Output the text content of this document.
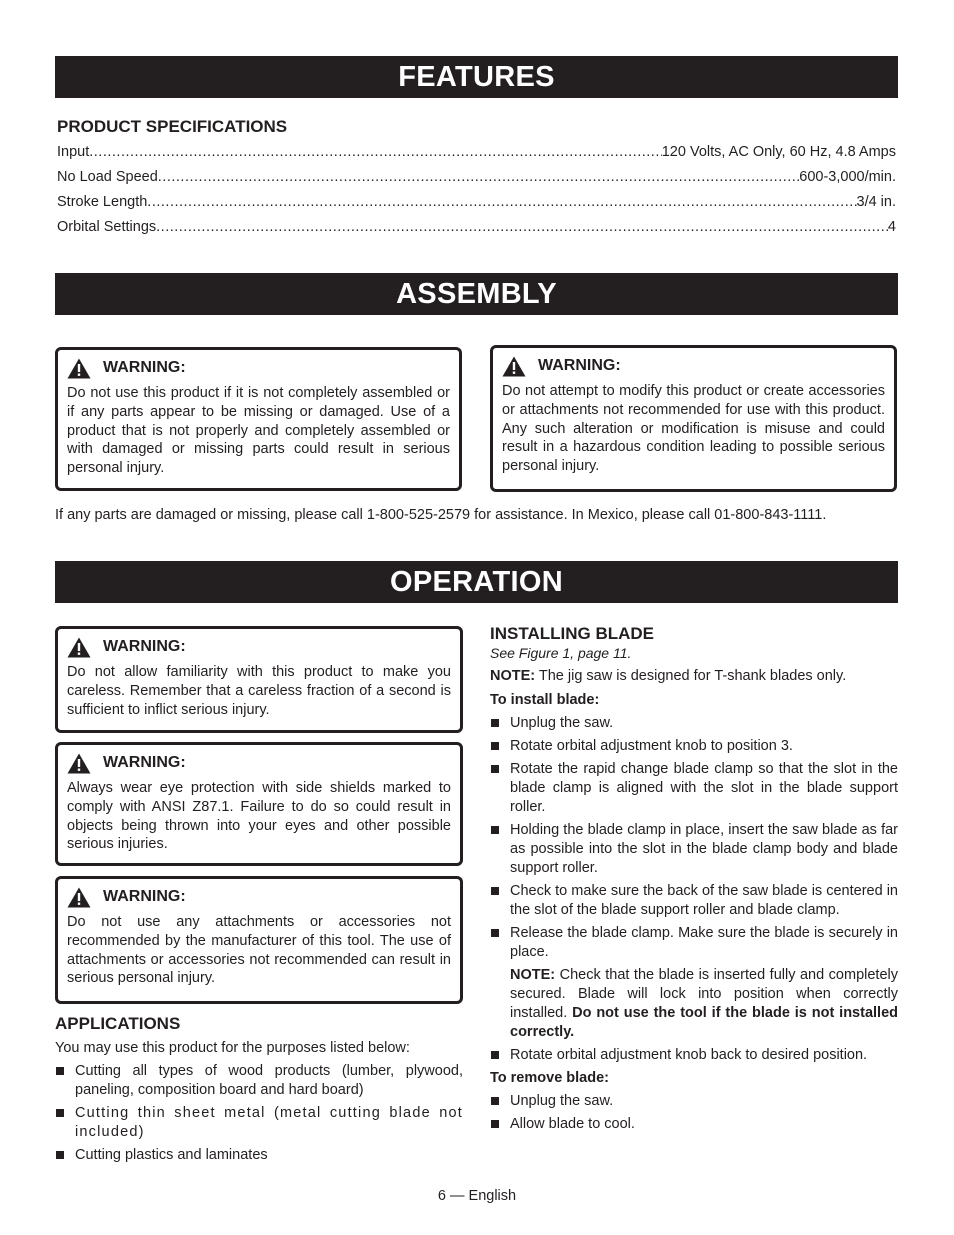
FEATURES
PRODUCT SPECIFICATIONS
Input .....	120 Volts, AC Only, 60 Hz, 4.8 Amps
No Load Speed .....	600-3,000/min.
Stroke Length .....	3/4 in.
Orbital Settings .....	4
ASSEMBLY
WARNING:
Do not use this product if it is not completely assembled or if any parts appear to be missing or damaged. Use of a product that is not properly and completely assembled or with damaged or missing parts could result in serious personal injury.
WARNING:
Do not attempt to modify this product or create accessories or attachments not recommended for use with this product. Any such alteration or modification is misuse and could result in a hazardous condition leading to possible serious personal injury.
If any parts are damaged or missing, please call 1-800-525-2579 for assistance. In Mexico, please call 01-800-843-1111.
OPERATION
WARNING:
Do not allow familiarity with this product to make you careless. Remember that a careless fraction of a second is sufficient to inflict serious injury.
WARNING:
Always wear eye protection with side shields marked to comply with ANSI Z87.1. Failure to do so could result in objects being thrown into your eyes and other possible serious injuries.
WARNING:
Do not use any attachments or accessories not recommended by the manufacturer of this tool. The use of attachments or accessories not recommended can result in serious personal injury.
APPLICATIONS
You may use this product for the purposes listed below:
Cutting all types of wood products (lumber, plywood, paneling, composition board and hard board)
Cutting thin sheet metal (metal cutting blade not included)
Cutting plastics and laminates
INSTALLING BLADE
See Figure 1, page 11.
NOTE: The jig saw is designed for T-shank blades only.
To install blade:
Unplug the saw.
Rotate orbital adjustment knob to position 3.
Rotate the rapid change blade clamp so that the slot in the blade clamp is aligned with the slot in the blade support roller.
Holding the blade clamp in place, insert the saw blade as far as possible into the slot in the blade clamp body and blade support roller.
Check to make sure the back of the saw blade is centered in the slot of the blade support roller and blade clamp.
Release the blade clamp. Make sure the blade is securely in place.
NOTE: Check that the blade is inserted fully and completely secured. Blade will lock into position when correctly installed. Do not use the tool if the blade is not installed correctly.
Rotate orbital adjustment knob back to desired position.
To remove blade:
Unplug the saw.
Allow blade to cool.
6 — English
